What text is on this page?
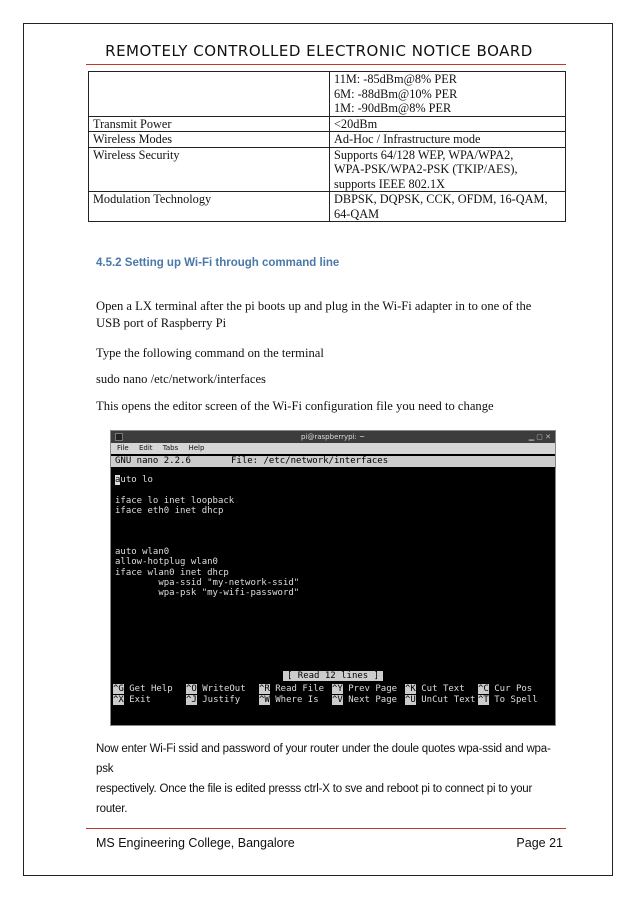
REMOTELY CONTROLLED ELECTRONIC NOTICE BOARD

	11M: -85dBm@8% PER
6M: -88dBm@10% PER
1M: -90dBm@8% PER

Transmit Power	<20dBm

Wireless Modes	Ad-Hoc / Infrastructure mode

Wireless Security	Supports 64/128 WEP, WPA/WPA2,
WPA-PSK/WPA2-PSK (TKIP/AES),
supports IEEE 802.1X

Modulation Technology	DBPSK, DQPSK, CCK, OFDM, 16-QAM,
64-QAM
4.5.2 Setting up Wi-Fi through command line
Open a LX terminal after the pi boots up and plug in the Wi-Fi adapter in to one of the
USB port of Raspberry Pi
Type the following command on the terminal
sudo nano /etc/network/interfaces
This opens the editor screen of the Wi-Fi configuration file you need to change
pi@raspberrypi: ~	▁ ▢ ✕
File Edit Tabs Help
GNU nano 2.2.6	File: /etc/network/interfaces
auto lo

iface lo inet loopback
iface eth0 inet dhcp

auto wlan0
allow-hotplug wlan0
iface wlan0 inet dhcp
wpa-ssid "my-network-ssid"
wpa-psk "my-wifi-password"
[ Read 12 lines ]
^G Get Help ^O WriteOut ^R Read File ^Y Prev Page ^K Cut Text ^C Cur Pos
^X Exit	^J Justify ^W Where Is ^V Next Page ^U UnCut Text ^T To Spell
Now enter Wi-Fi ssid and password of your router under the doule quotes wpa-ssid and wpa-psk
respectively. Once the file is edited presss ctrl-X to sve and reboot pi to connect pi to your
router.
MS Engineering College, Bangalore	Page 21
